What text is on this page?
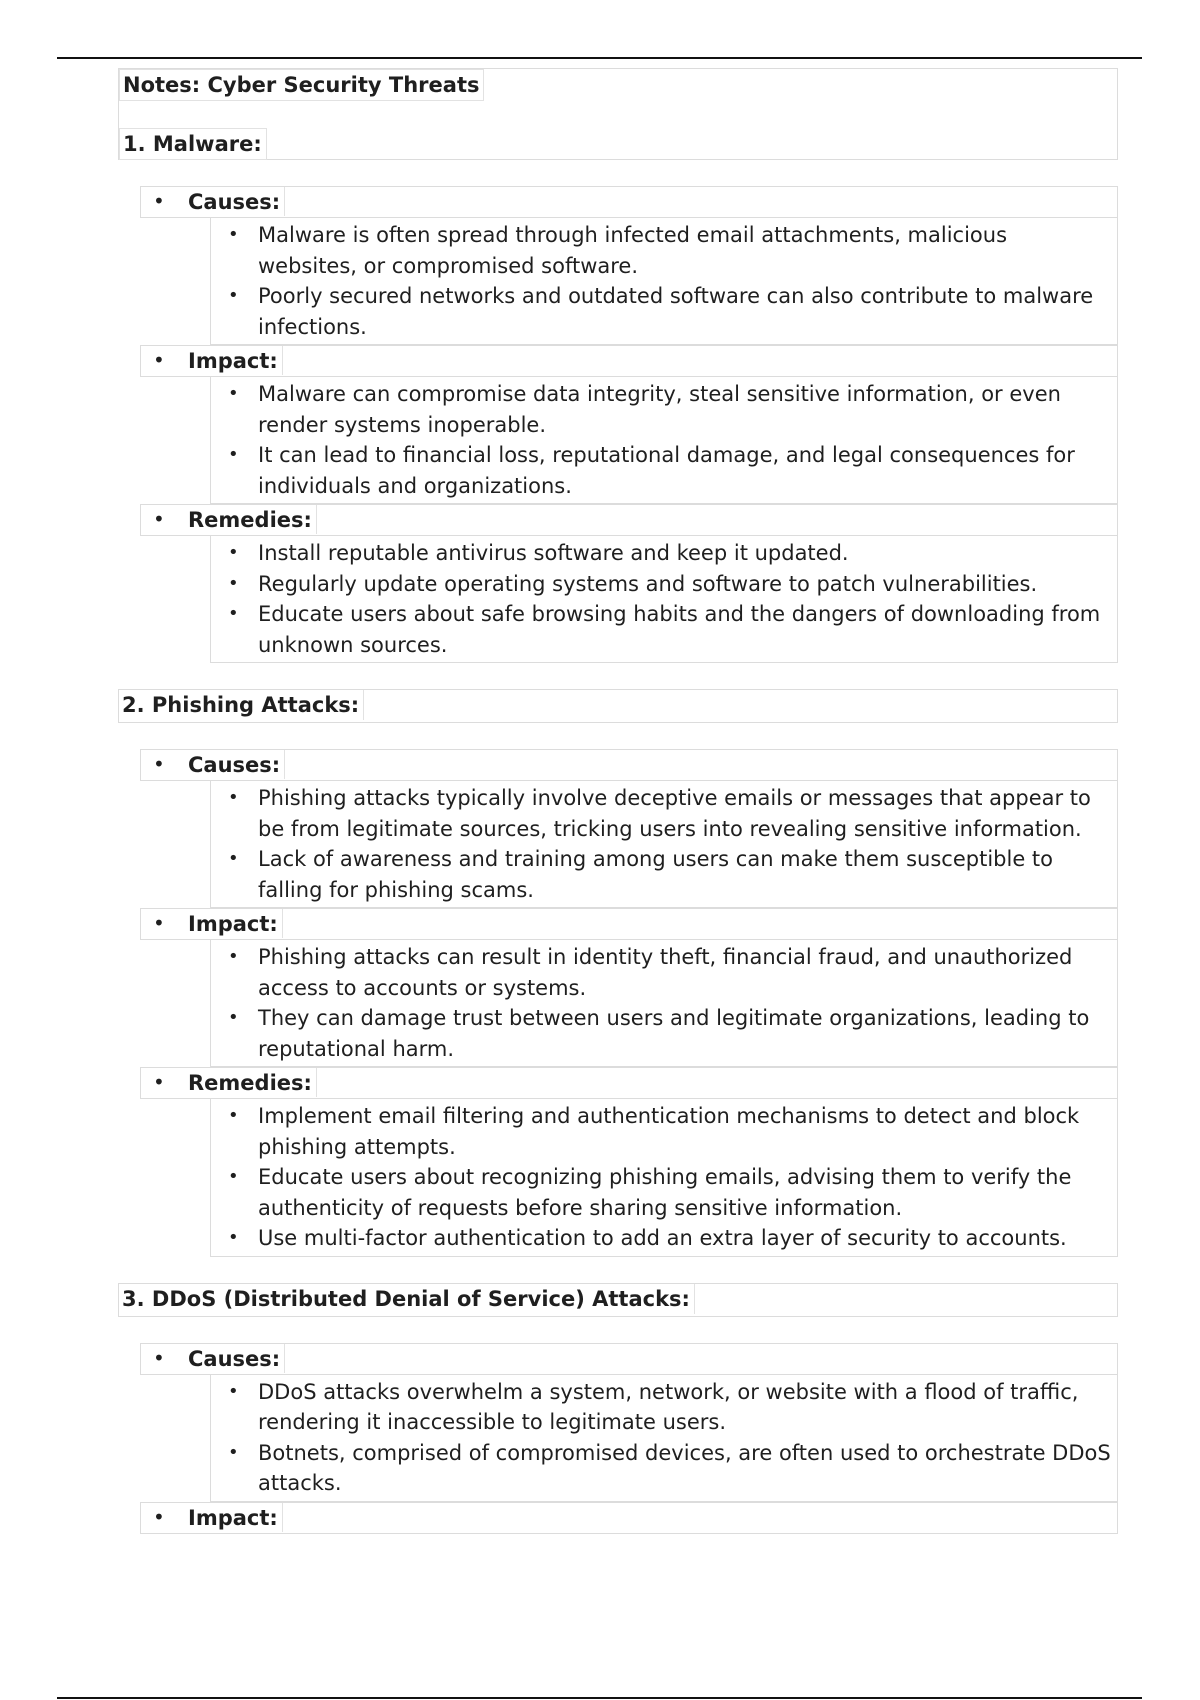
Notes: Cyber Security Threats
1. Malware:
• Causes:
• Malware is often spread through infected email attachments, malicious websites, or compromised software.
• Poorly secured networks and outdated software can also contribute to malware infections.
• Impact:
• Malware can compromise data integrity, steal sensitive information, or even render systems inoperable.
• It can lead to financial loss, reputational damage, and legal consequences for individuals and organizations.
• Remedies:
• Install reputable antivirus software and keep it updated.
• Regularly update operating systems and software to patch vulnerabilities.
• Educate users about safe browsing habits and the dangers of downloading from unknown sources.
2. Phishing Attacks:
• Causes:
• Phishing attacks typically involve deceptive emails or messages that appear to be from legitimate sources, tricking users into revealing sensitive information.
• Lack of awareness and training among users can make them susceptible to falling for phishing scams.
• Impact:
• Phishing attacks can result in identity theft, financial fraud, and unauthorized access to accounts or systems.
• They can damage trust between users and legitimate organizations, leading to reputational harm.
• Remedies:
• Implement email filtering and authentication mechanisms to detect and block phishing attempts.
• Educate users about recognizing phishing emails, advising them to verify the authenticity of requests before sharing sensitive information.
• Use multi-factor authentication to add an extra layer of security to accounts.
3. DDoS (Distributed Denial of Service) Attacks:
• Causes:
• DDoS attacks overwhelm a system, network, or website with a flood of traffic, rendering it inaccessible to legitimate users.
• Botnets, comprised of compromised devices, are often used to orchestrate DDoS attacks.
• Impact:
